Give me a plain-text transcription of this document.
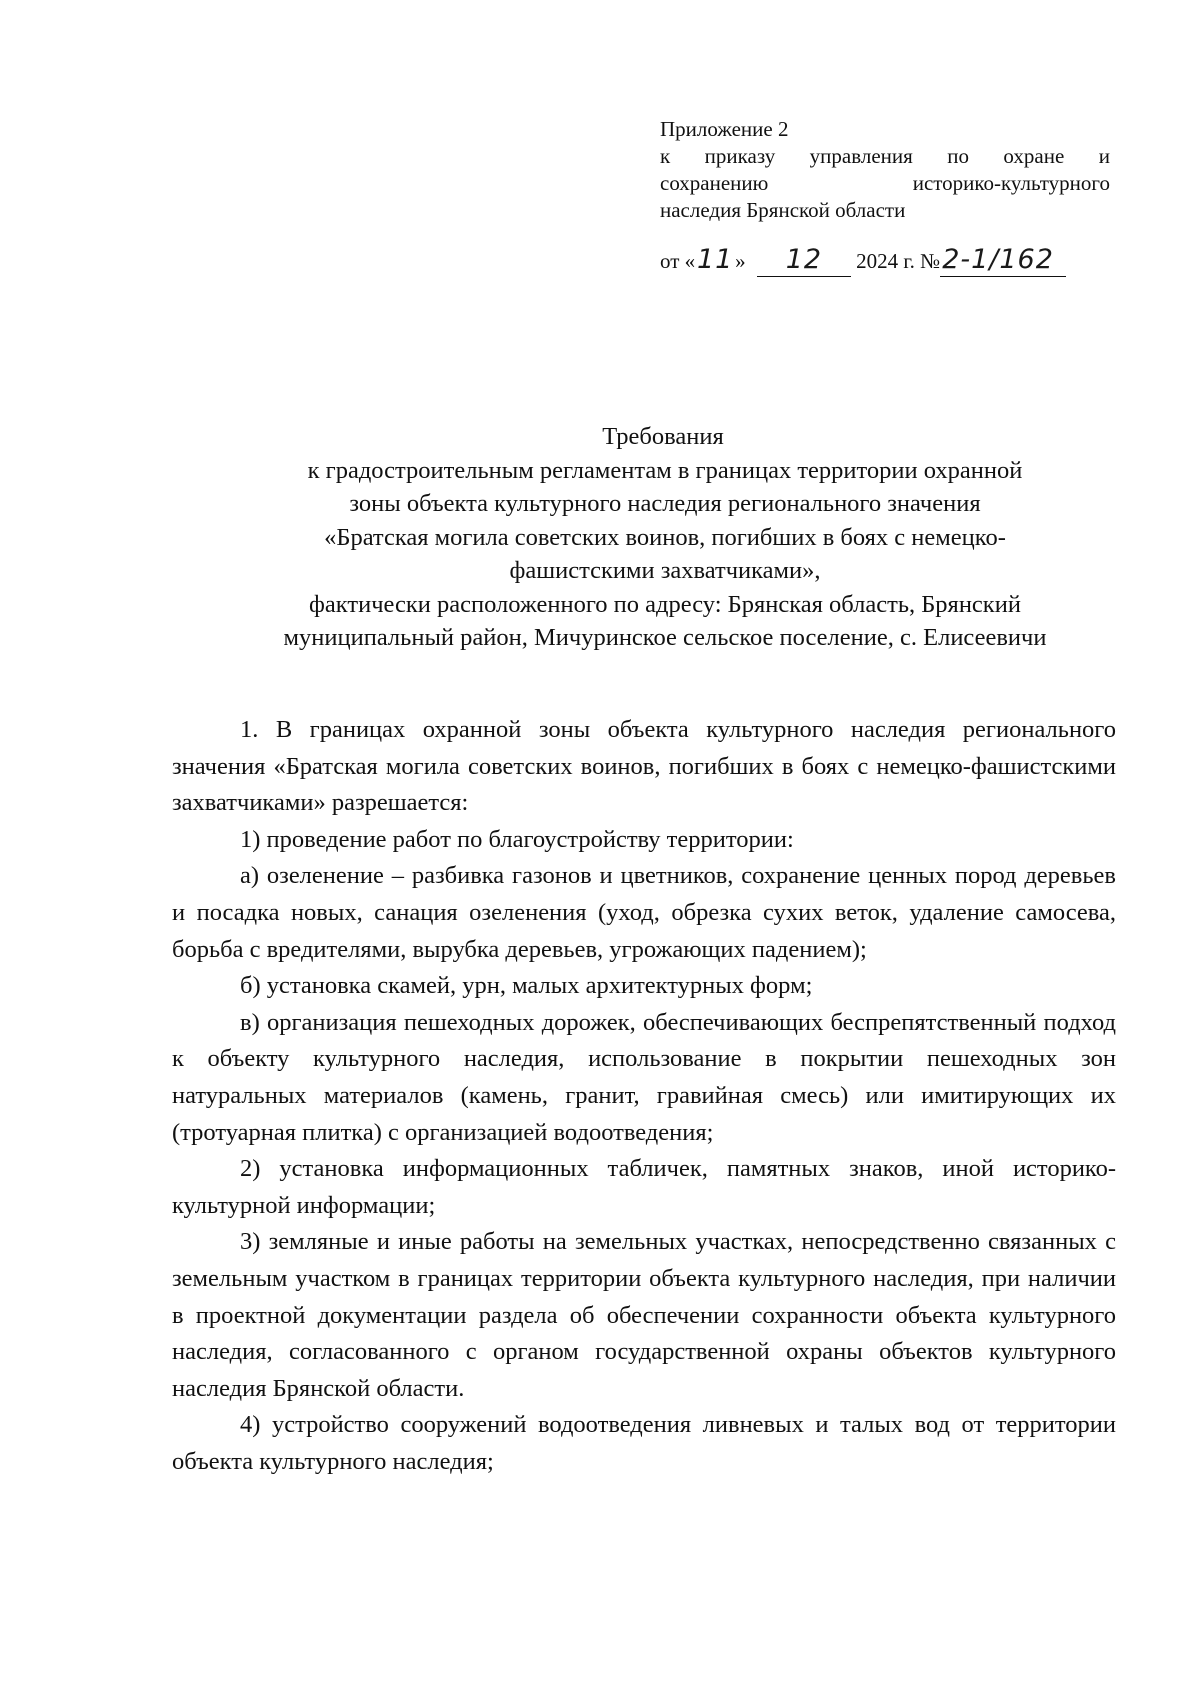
Приложение 2
к приказу управления по охране и
сохранению историко-культурного
наследия Брянской области
от «11» 12 2024 г. №2-1/162
Требования
к градостроительным регламентам в границах территории охранной
зоны объекта культурного наследия регионального значения
«Братская могила советских воинов, погибших в боях с немецко-
фашистскими захватчиками»,
фактически расположенного по адресу: Брянская область, Брянский
муниципальный район, Мичуринское сельское поселение, с. Елисеевичи

1. В границах охранной зоны объекта культурного наследия регионального значения «Братская могила советских воинов, погибших в боях с немецко-фашистскими захватчиками» разрешается:

1) проведение работ по благоустройству территории:

а) озеленение – разбивка газонов и цветников, сохранение ценных пород деревьев и посадка новых, санация озеленения (уход, обрезка сухих веток, удаление самосева, борьба с вредителями, вырубка деревьев, угрожающих падением);

б) установка скамей, урн, малых архитектурных форм;

в) организация пешеходных дорожек, обеспечивающих беспрепятственный подход к объекту культурного наследия, использование в покрытии пешеходных зон натуральных материалов (камень, гранит, гравийная смесь) или имитирующих их (тротуарная плитка) с организацией водоотведения;

2) установка информационных табличек, памятных знаков, иной историко-культурной информации;

3) земляные и иные работы на земельных участках, непосредственно связанных с земельным участком в границах территории объекта культурного наследия, при наличии в проектной документации раздела об обеспечении сохранности объекта культурного наследия, согласованного с органом государственной охраны объектов культурного наследия Брянской области.

4) устройство сооружений водоотведения ливневых и талых вод от территории объекта культурного наследия;
